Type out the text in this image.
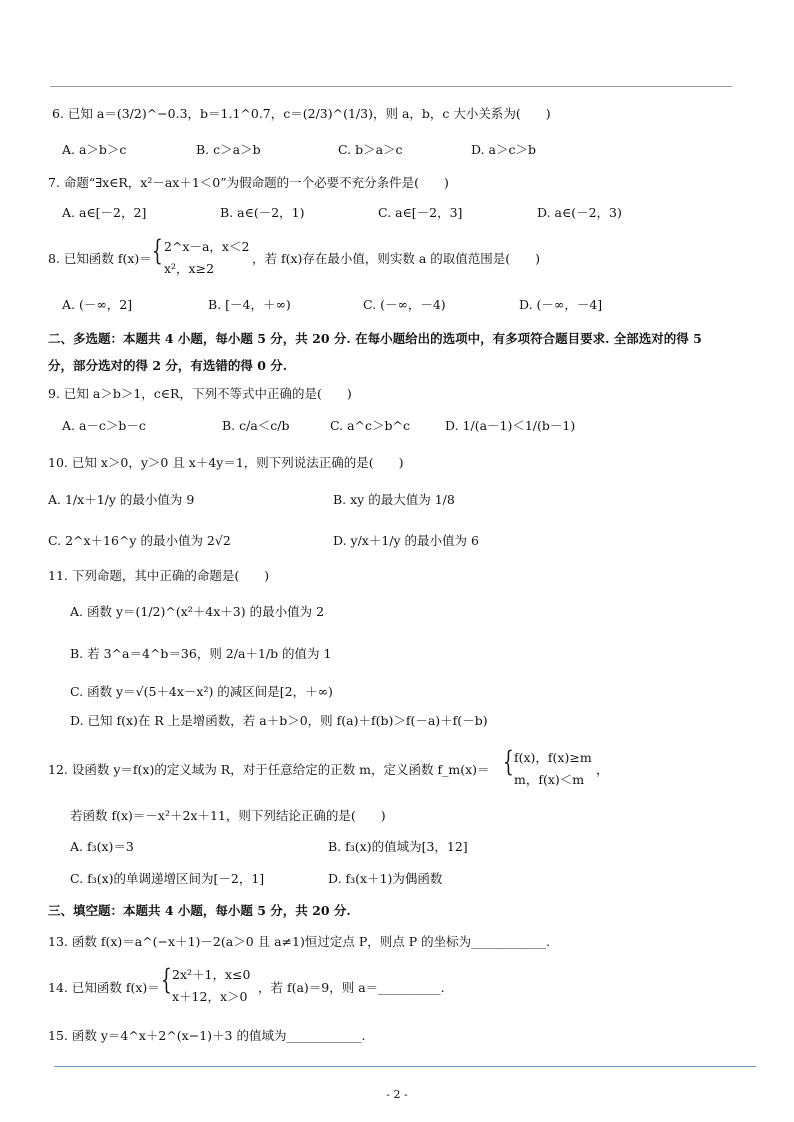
6. 已知 a＝(3/2)^−0.3，b＝1.1^0.7，c＝(2/3)^(1/3)，则 a，b，c 大小关系为(　　)
A. a＞b＞c	B. c＞a＞b	C. b＞a＞c	D. a＞c＞b
7. 命题“∃x∈R，x²－ax＋1＜0”为假命题的一个必要不充分条件是(　　)
A. a∈[－2，2]	B. a∈(－2，1)	C. a∈[－2，3]	D. a∈(－2，3)
8. 已知函数 f(x)＝ { 2^x－a，x＜2
x²，x≥2
，若 f(x)存在最小值，则实数 a 的取值范围是(　　)
A. (－∞，2]	B. [－4，＋∞)	C. (－∞，－4)	D. (－∞，－4]
二、多选题：本题共 4 小题，每小题 5 分，共 20 分. 在每小题给出的选项中，有多项符合题目要求. 全部选对的得 5
分，部分选对的得 2 分，有选错的得 0 分.
9. 已知 a＞b＞1，c∈R，下列不等式中正确的是(　　)
A. a－c＞b－c	B. c/a＜c/b	C. a^c＞b^c	D. 1/(a－1)＜1/(b－1)
10. 已知 x＞0，y＞0 且 x＋4y＝1，则下列说法正确的是(　　)
A. 1/x＋1/y 的最小值为 9	B. xy 的最大值为 1/8
C. 2^x＋16^y 的最小值为 2√2	D. y/x＋1/y 的最小值为 6
11. 下列命题，其中正确的命题是(　　)
A. 函数 y＝(1/2)^(x²＋4x＋3) 的最小值为 2
B. 若 3^a＝4^b＝36，则 2/a＋1/b 的值为 1
C. 函数 y＝√(5＋4x－x²) 的减区间是[2，＋∞)
D. 已知 f(x)在 R 上是增函数，若 a＋b＞0，则 f(a)＋f(b)＞f(－a)＋f(－b)
12. 设函数 y＝f(x)的定义域为 R，对于任意给定的正数 m，定义函数 f_m(x)＝ { f(x)，f(x)≥m
m，f(x)＜m
，
若函数 f(x)＝－x²＋2x＋11，则下列结论正确的是(　　)
A. f₃(x)＝3	B. f₃(x)的值域为[3，12]
C. f₃(x)的单调递增区间为[－2，1]	D. f₃(x＋1)为偶函数
三、填空题：本题共 4 小题，每小题 5 分，共 20 分.
13. 函数 f(x)＝a^(−x＋1)－2(a＞0 且 a≠1)恒过定点 P，则点 P 的坐标为____________.
14. 已知函数 f(x)＝ { 2x²＋1，x≤0
x＋12，x＞0
，若 f(a)＝9，则 a＝__________.
15. 函数 y＝4^x＋2^(x−1)＋3 的值域为____________.
- 2 -
